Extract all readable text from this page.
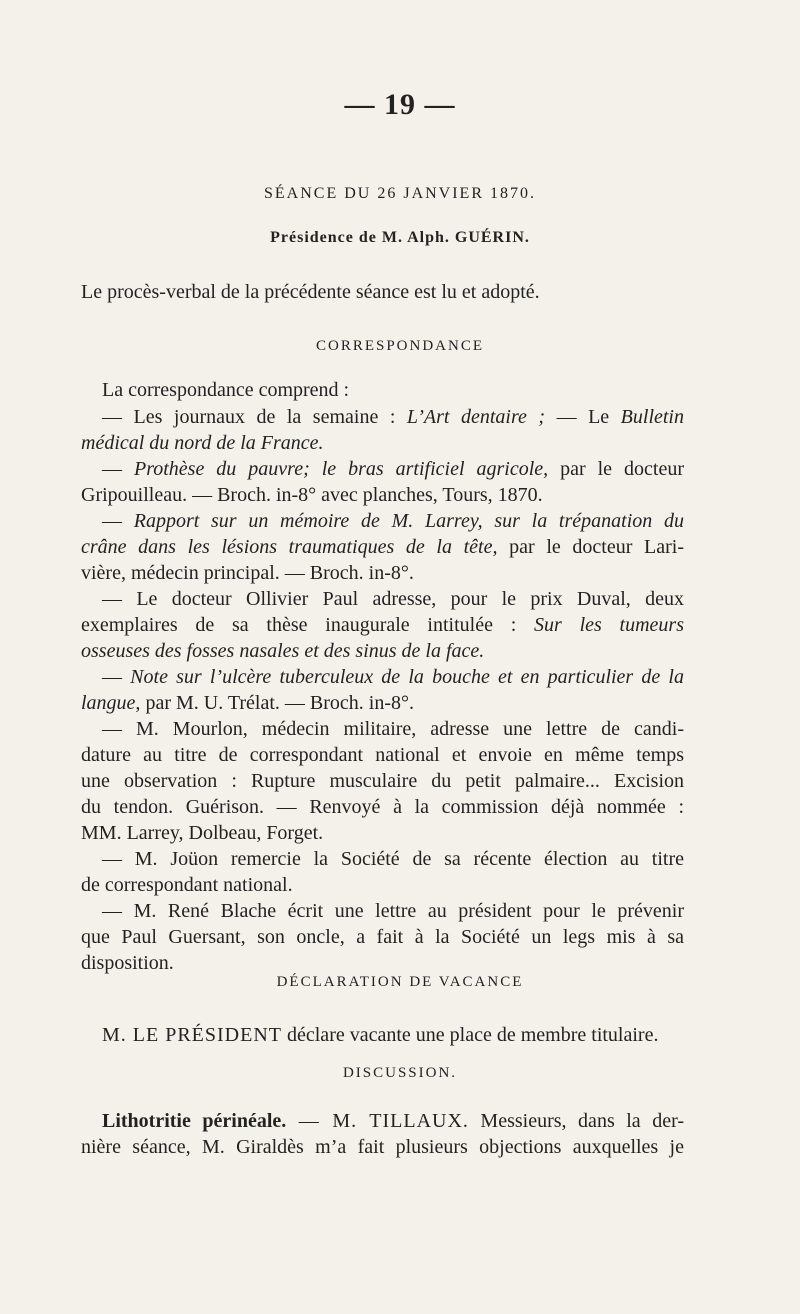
— 19 —
SÉANCE DU 26 JANVIER 1870.
Présidence de M. Alph. GUÉRIN.
Le procès-verbal de la précédente séance est lu et adopté.
CORRESPONDANCE
La correspondance comprend :
— Les journaux de la semaine : L’Art dentaire ; — Le Bulletin
médical du nord de la France.
— Prothèse du pauvre; le bras artificiel agricole, par le docteur
Gripouilleau. — Broch. in-8° avec planches, Tours, 1870.
— Rapport sur un mémoire de M. Larrey, sur la trépanation du
crâne dans les lésions traumatiques de la tête, par le docteur Lari-
vière, médecin principal. — Broch. in-8°.
— Le docteur Ollivier Paul adresse, pour le prix Duval, deux
exemplaires de sa thèse inaugurale intitulée : Sur les tumeurs
osseuses des fosses nasales et des sinus de la face.
— Note sur l’ulcère tuberculeux de la bouche et en particulier de la
langue, par M. U. Trélat. — Broch. in-8°.
— M. Mourlon, médecin militaire, adresse une lettre de candi-
dature au titre de correspondant national et envoie en même temps
une observation : Rupture musculaire du petit palmaire... Excision
du tendon. Guérison. — Renvoyé à la commission déjà nommée :
MM. Larrey, Dolbeau, Forget.
— M. Joüon remercie la Société de sa récente élection au titre
de correspondant national.
— M. René Blache écrit une lettre au président pour le prévenir
que Paul Guersant, son oncle, a fait à la Société un legs mis à sa
disposition.
DÉCLARATION DE VACANCE
M. LE PRÉSIDENT déclare vacante une place de membre titulaire.
DISCUSSION.
Lithotritie périnéale. — M. TILLAUX. Messieurs, dans la der-
nière séance, M. Giraldès m’a fait plusieurs objections auxquelles je
